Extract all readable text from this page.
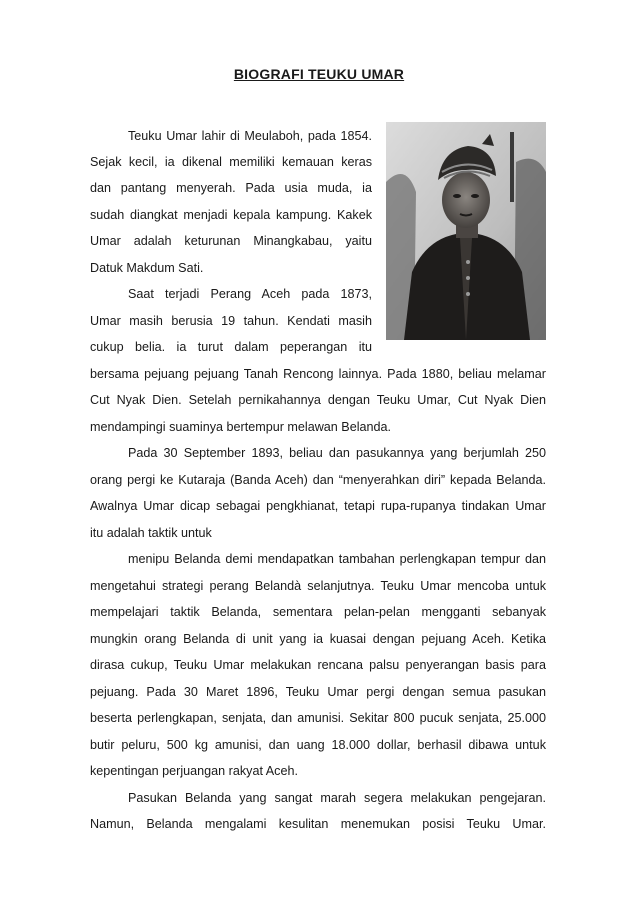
BIOGRAFI TEUKU UMAR
Teuku Umar lahir di Meulaboh, pada 1854.
Sejak kecil, ia dikenal memiliki kemauan keras
dan pantang menyerah. Pada usia muda, ia
sudah diangkat menjadi kepala kampung. Kakek
Umar adalah keturunan Minangkabau, yaitu
Datuk Makdum Sati.
Saat terjadi Perang Aceh pada 1873,
Umar masih berusia 19 tahun. Kendati masih
cukup belia. ia turut dalam peperangan itu
bersama pejuang pejuang Tanah Rencong lainnya. Pada 1880, beliau melamar
Cut Nyak Dien. Setelah pernikahannya dengan Teuku Umar, Cut Nyak Dien
mendampingi suaminya bertempur melawan Belanda.
Pada 30 September 1893, beliau dan pasukannya yang berjumlah 250
orang pergi ke Kutaraja (Banda Aceh) dan “menyerahkan diri” kepada Belanda.
Awalnya Umar dicap sebagai pengkhianat, tetapi rupa-rupanya tindakan Umar
itu adalah taktik untuk
menipu Belanda demi mendapatkan tambahan perlengkapan tempur dan
mengetahui strategi perang Belandà selanjutnya. Teuku Umar mencoba untuk
mempelajari taktik Belanda, sementara pelan-pelan mengganti sebanyak
mungkin orang Belanda di unit yang ia kuasai dengan pejuang Aceh. Ketika
dirasa cukup, Teuku Umar melakukan rencana palsu penyerangan basis para
pejuang. Pada 30 Maret 1896, Teuku Umar pergi dengan semua pasukan
beserta perlengkapan, senjata, dan amunisi. Sekitar 800 pucuk senjata, 25.000
butir peluru, 500 kg amunisi, dan uang 18.000 dollar, berhasil dibawa untuk
kepentingan perjuangan rakyat Aceh.
Pasukan Belanda yang sangat marah segera melakukan pengejaran.
Namun, Belanda mengalami kesulitan menemukan posisi Teuku Umar.
